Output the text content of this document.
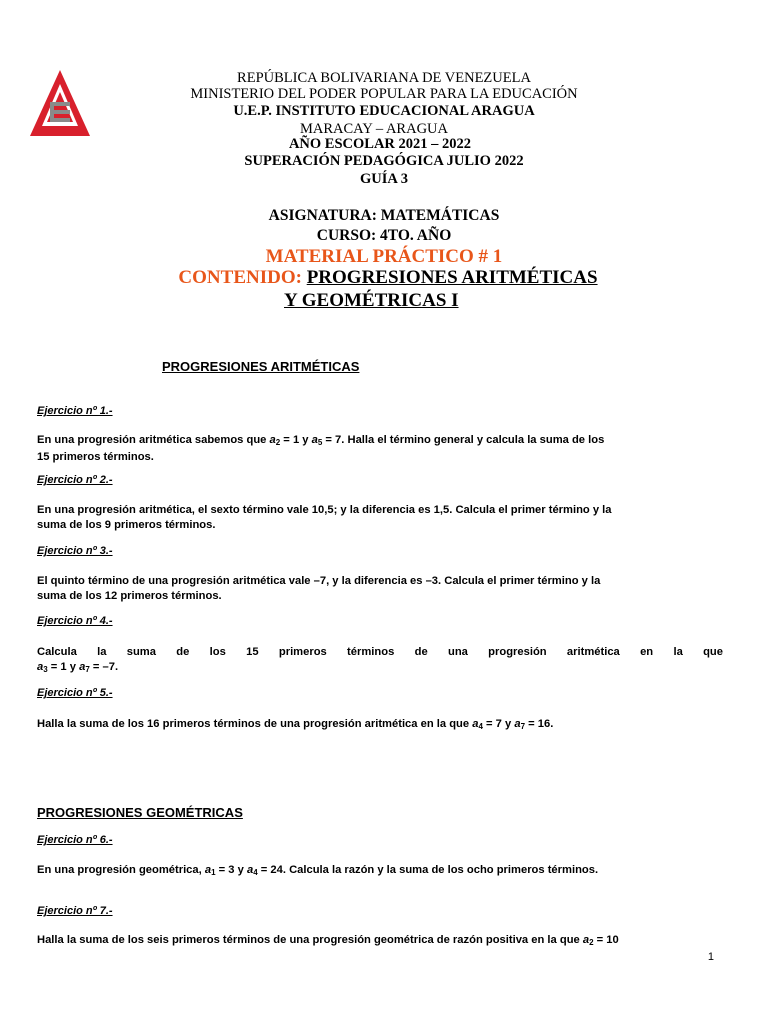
REPÚBLICA BOLIVARIANA DE VENEZUELA
MINISTERIO DEL PODER POPULAR PARA LA EDUCACIÓN
U.E.P. INSTITUTO EDUCACIONAL ARAGUA
MARACAY – ARAGUA
AÑO ESCOLAR 2021 – 2022
SUPERACIÓN PEDAGÓGICA JULIO 2022
GUÍA 3
ASIGNATURA: MATEMÁTICAS
CURSO: 4TO. AÑO
MATERIAL PRÁCTICO # 1
CONTENIDO: PROGRESIONES ARITMÉTICAS
Y GEOMÉTRICAS I
PROGRESIONES ARITMÉTICAS
Ejercicio nº 1.-
En una progresión aritmética sabemos que $a_2 = 1$ y $a_5 = 7$. Halla el término general y calcula la suma de los
15 primeros términos.
Ejercicio nº 2.-
En una progresión aritmética, el sexto término vale 10,5; y la diferencia es 1,5. Calcula el primer término y la
suma de los 9 primeros términos.
Ejercicio nº 3.-
El quinto término de una progresión aritmética vale –7, y la diferencia es –3. Calcula el primer término y la
suma de los 12 primeros términos.
Ejercicio nº 4.-
Calcula la suma de los 15 primeros términos de una progresión aritmética en la que
$a_3 = 1$ y $a_7 = -7$.
Ejercicio nº 5.-
Halla la suma de los 16 primeros términos de una progresión aritmética en la que $a_4 = 7$ y $a_7 = 16$.
PROGRESIONES GEOMÉTRICAS
Ejercicio nº 6.-
En una progresión geométrica, $a_1 = 3$ y $a_4 = 24$. Calcula la razón y la suma de los ocho primeros términos.
Ejercicio nº 7.-
Halla la suma de los seis primeros términos de una progresión geométrica de razón positiva en la que $a_2 = 10$
1
